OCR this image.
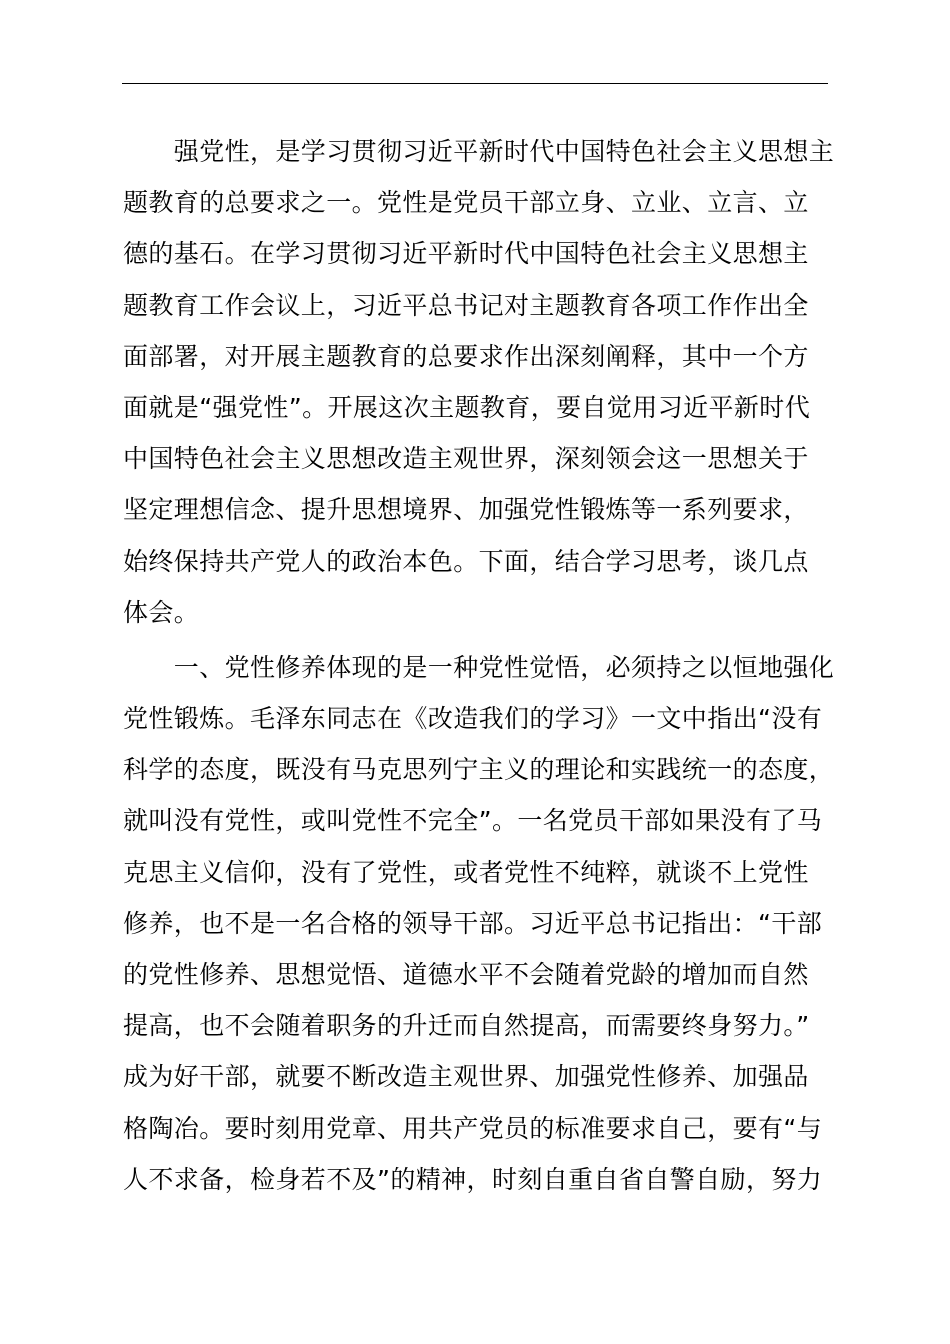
　　强党性，是学习贯彻习近平新时代中国特色社会主义思想主
题教育的总要求之一。党性是党员干部立身、立业、立言、立
德的基石。在学习贯彻习近平新时代中国特色社会主义思想主
题教育工作会议上，习近平总书记对主题教育各项工作作出全
面部署，对开展主题教育的总要求作出深刻阐释，其中一个方
面就是“强党性”。开展这次主题教育，要自觉用习近平新时代
中国特色社会主义思想改造主观世界，深刻领会这一思想关于
坚定理想信念、提升思想境界、加强党性锻炼等一系列要求，
始终保持共产党人的政治本色。下面，结合学习思考，谈几点
体会。
　　一、党性修养体现的是一种党性觉悟，必须持之以恒地强化
党性锻炼。毛泽东同志在《改造我们的学习》一文中指出“没有
科学的态度，既没有马克思列宁主义的理论和实践统一的态度，
就叫没有党性，或叫党性不完全”。一名党员干部如果没有了马
克思主义信仰，没有了党性，或者党性不纯粹，就谈不上党性
修养，也不是一名合格的领导干部。习近平总书记指出：“干部
的党性修养、思想觉悟、道德水平不会随着党龄的增加而自然
提高，也不会随着职务的升迁而自然提高，而需要终身努力。”
成为好干部，就要不断改造主观世界、加强党性修养、加强品
格陶冶。要时刻用党章、用共产党员的标准要求自己，要有“与
人不求备，检身若不及”的精神，时刻自重自省自警自励，努力
